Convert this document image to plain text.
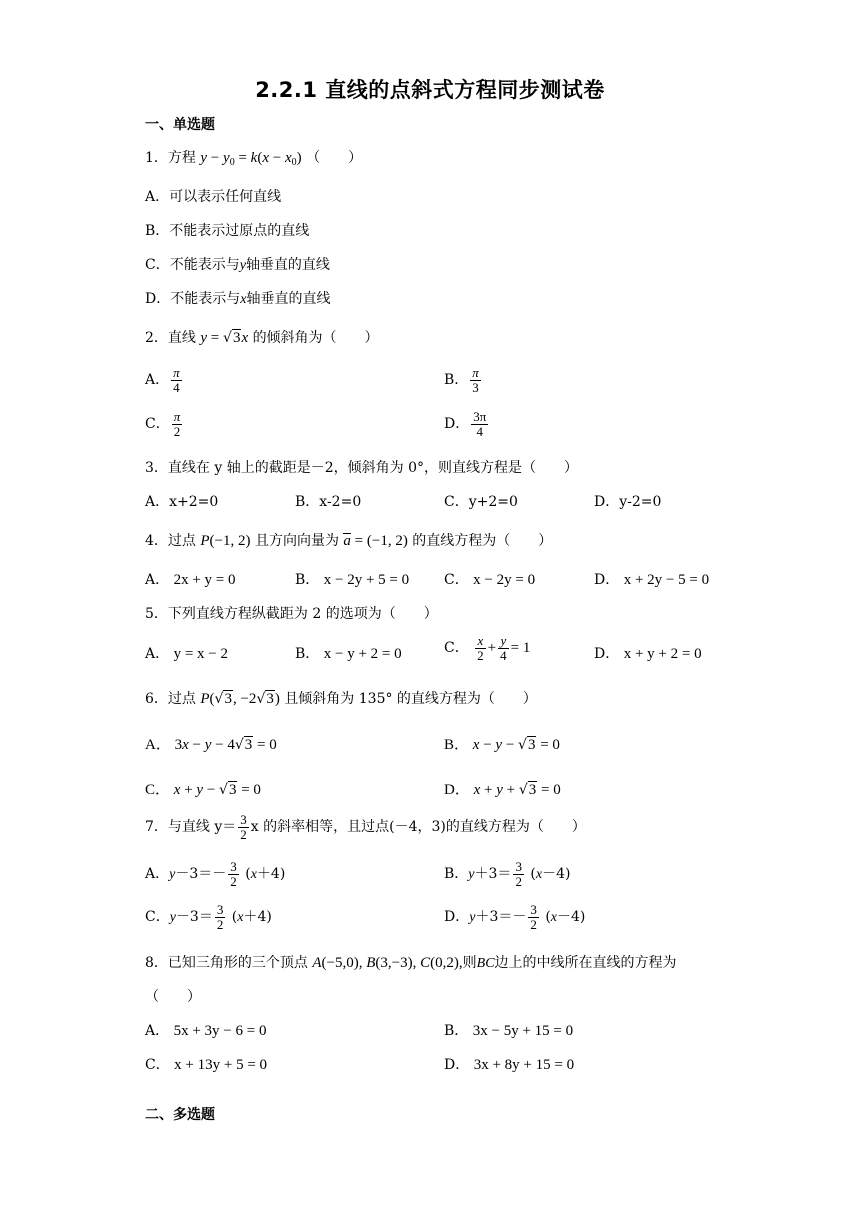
2.2.1 直线的点斜式方程同步测试卷
一、单选题
1．方程 $y - y_0 = k(x - x_0)$ （　　）
A．可以表示任何直线
B．不能表示过原点的直线
C．不能表示与y轴垂直的直线
D．不能表示与x轴垂直的直线
2．直线 y = √3x 的倾斜角为（　　）
A． $\frac{\pi}{4}$	B． $\frac{\pi}{3}$
C． $\frac{\pi}{2}$	D． $\frac{3\pi}{4}$
3．直线在 y 轴上的截距是－2，倾斜角为 0°，则直线方程是（　　）
A．x+2=0	B．x-2=0	C．y+2=0	D．y-2=0
4．过点 P(−1, 2) 且方向向量为 a = (−1, 2) 的直线方程为（　　）
A． 2x + y = 0	B． x − 2y + 5 = 0 C． x − 2y = 0	D． x + 2y − 5 = 0
5．下列直线方程纵截距为 2 的选项为（　　）
A． y = x − 2	B． x − y + 2 = 0	C． $\frac{x}{2} + \frac{y}{4} = 1$	D． x + y + 2 = 0
6．过点 P(√3, −2√3) 且倾斜角为 135° 的直线方程为（　　）
A． 3x − y − 4√3 = 0	B． x − y − √3 = 0
C． x + y − √3 = 0	D． x + y + √3 = 0
7．与直线 $y= \frac{3}{2}$ x 的斜率相等，且过点(－4，3)的直线方程为（　　）
A．$y-3=- \frac{3}{2} (x+4)$	B．$y+3= \frac{3}{2} (x-4)$
C．$y-3= \frac{3}{2} (x+4)$	D．$y+3=- \frac{3}{2} (x-4)$
8．已知三角形的三个顶点 A(−5,0), B(3,−3), C(0,2),则BC边上的中线所在直线的方程为
（　　）
A． 5x + 3y − 6 = 0	B． 3x − 5y + 15 = 0
C． x + 13y + 5 = 0	D． 3x + 8y + 15 = 0
二、多选题
